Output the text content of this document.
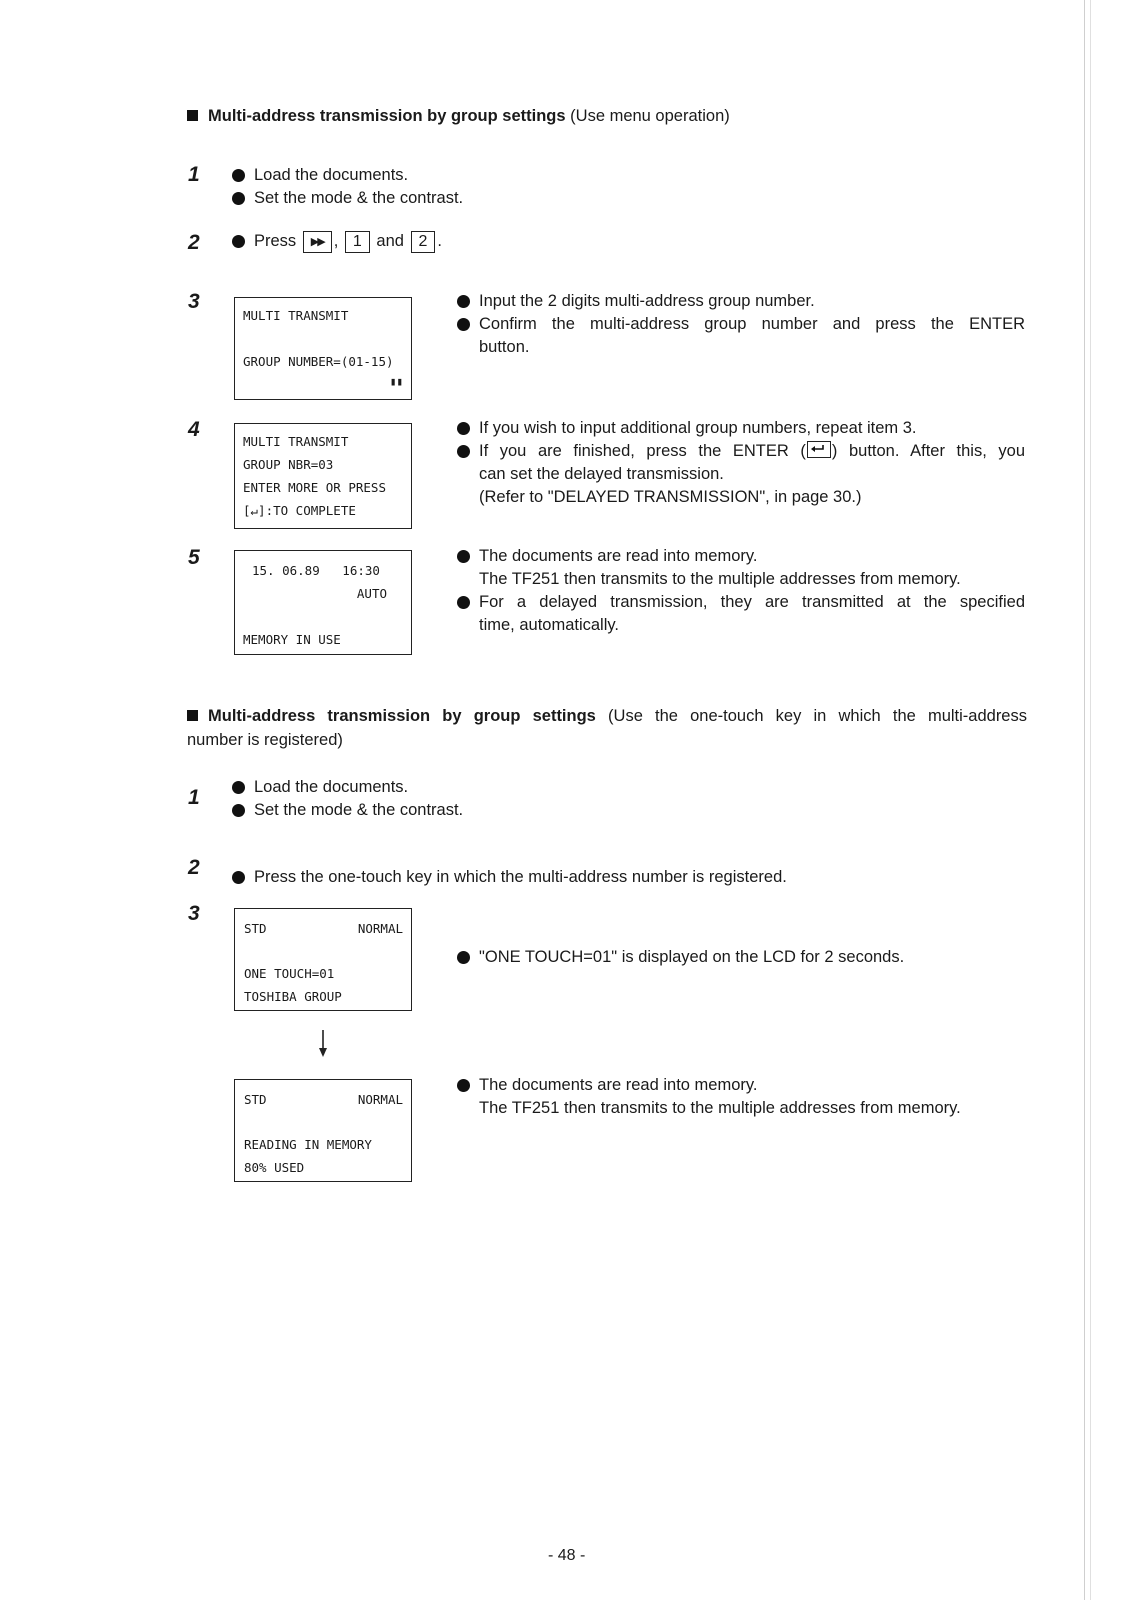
Multi-address transmission by group settings (Use menu operation)
1	Load the documents.
Set the mode & the contrast.
2	Press ▶▶ , 1 and 2 .
3
MULTI TRANSMIT
GROUP NUMBER=(01-15)
▮▮
Input the 2 digits multi-address group number.
Confirm the multi-address group number and press the ENTER
button.
4
MULTI TRANSMIT
GROUP NBR=03
ENTER MORE OR PRESS
[↵]:TO COMPLETE
If you wish to input additional group numbers, repeat item 3.
If you are finished, press the ENTER ( ) button. After this, you
can set the delayed transmission.
(Refer to "DELAYED TRANSMISSION", in page 30.)
5
15. 06.89   16:30
AUTO
MEMORY IN USE
The documents are read into memory.
The TF251 then transmits to the multiple addresses from memory.
For a delayed transmission, they are transmitted at the specified
time, automatically.
Multi-address transmission by group settings (Use the one-touch key in which the multi-address
number is registered)
1	Load the documents.
Set the mode & the contrast.
2	Press the one-touch key in which the multi-address number is registered.
3
STD	NORMAL
ONE TOUCH=01
TOSHIBA GROUP
"ONE TOUCH=01" is displayed on the LCD for 2 seconds.
STD	NORMAL
READING IN MEMORY
80% USED
The documents are read into memory.
The TF251 then transmits to the multiple addresses from memory.
- 48 -
